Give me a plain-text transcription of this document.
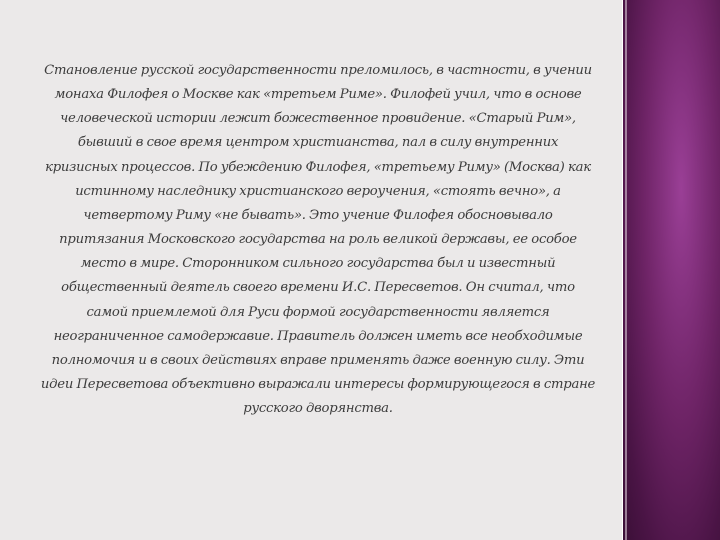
Становление русской государственности преломилось, в частности, в учении монаха Филофея о Москве как «третьем Риме». Филофей учил, что в основе человеческой истории лежит божественное провидение. «Старый Рим», бывший в свое время центром христианства, пал в силу внутренних кризисных процессов. По убеждению Филофея, «третьему Риму» (Москва) как истинному наследнику христианского вероучения, «стоять вечно», а четвертому Риму «не бывать». Это учение Филофея обосновывало притязания Московского государства на роль великой державы, ее особое место в мире. Сторонником сильного государства был и известный общественный деятель своего времени И.С. Пересветов. Он считал, что самой приемлемой для Руси формой государственности является неограниченное самодержавие. Правитель должен иметь все необходимые полномочия и в своих действиях вправе применять даже военную силу. Эти идеи Пересветова объективно выражали интересы формирующегося в стране русского дворянства.
